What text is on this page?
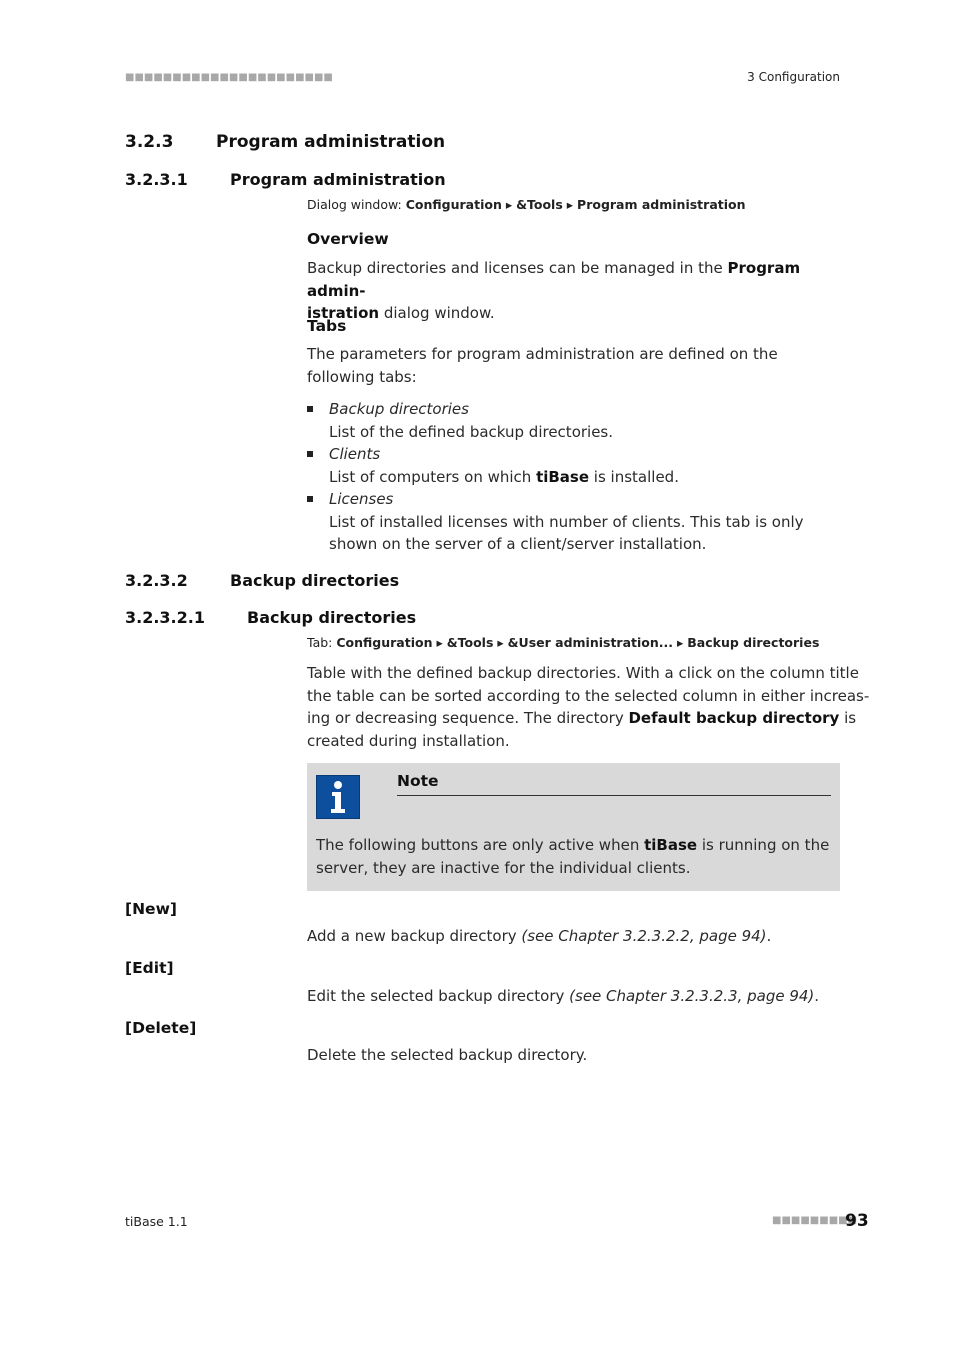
■■■■■■■■■■■■■■■■■■■■■■	3 Configuration
3.2.3	Program administration
3.2.3.1	Program administration
Dialog window: Configuration ▸ &Tools ▸ Program administration
Overview
Backup directories and licenses can be managed in the Program admin-
istration dialog window.
Tabs
The parameters for program administration are defined on the following tabs:
Backup directories
List of the defined backup directories.
Clients
List of computers on which tiBase is installed.
Licenses
List of installed licenses with number of clients. This tab is only shown on the server of a client/server installation.
3.2.3.2	Backup directories
3.2.3.2.1	Backup directories
Tab: Configuration ▸ &Tools ▸ &User administration... ▸ Backup directories
Table with the defined backup directories. With a click on the column title
the table can be sorted according to the selected column in either increas-
ing or decreasing sequence. The directory Default backup directory is
created during installation.
Note
The following buttons are only active when tiBase is running on the server, they are inactive for the individual clients.
[New]
Add a new backup directory (see Chapter 3.2.3.2.2, page 94).
[Edit]
Edit the selected backup directory (see Chapter 3.2.3.2.3, page 94).
[Delete]
Delete the selected backup directory.
tiBase 1.1	■■■■■■■■■
93
